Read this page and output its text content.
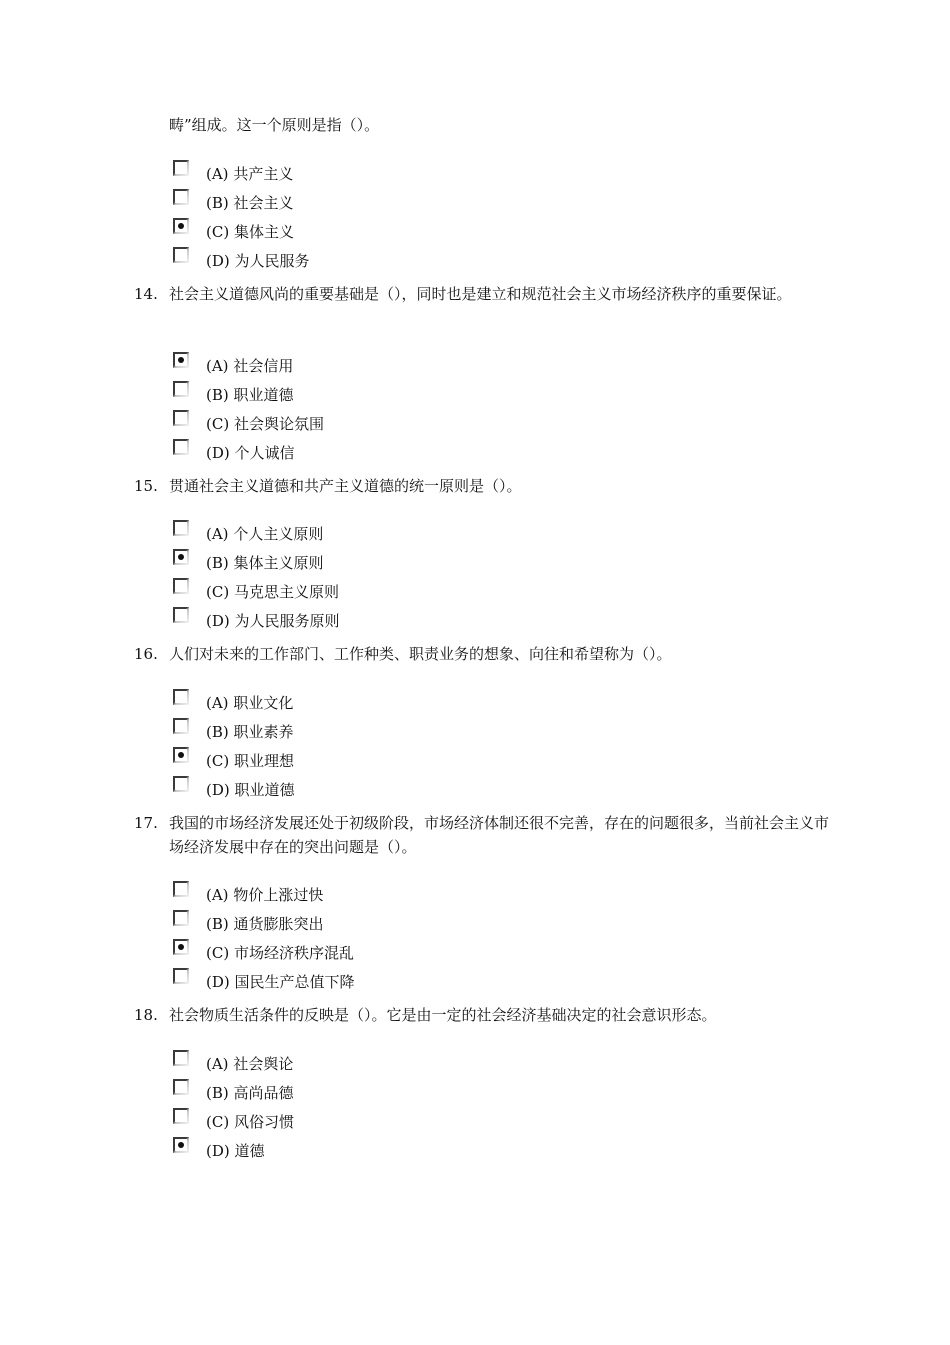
畴”组成。这一个原则是指（）。
(A) 共产主义
(B) 社会主义
(C) 集体主义
(D) 为人民服务
14. 社会主义道德风尚的重要基础是（），同时也是建立和规范社会主义市场经济秩序的重要保证。
(A) 社会信用
(B) 职业道德
(C) 社会舆论氛围
(D) 个人诚信
15. 贯通社会主义道德和共产主义道德的统一原则是（）。
(A) 个人主义原则
(B) 集体主义原则
(C) 马克思主义原则
(D) 为人民服务原则
16. 人们对未来的工作部门、工作种类、职责业务的想象、向往和希望称为（）。
(A) 职业文化
(B) 职业素养
(C) 职业理想
(D) 职业道德
17. 我国的市场经济发展还处于初级阶段，市场经济体制还很不完善，存在的问题很多，当前社会主义市场经济发展中存在的突出问题是（）。
(A) 物价上涨过快
(B) 通货膨胀突出
(C) 市场经济秩序混乱
(D) 国民生产总值下降
18. 社会物质生活条件的反映是（）。它是由一定的社会经济基础决定的社会意识形态。
(A) 社会舆论
(B) 高尚品德
(C) 风俗习惯
(D) 道德
